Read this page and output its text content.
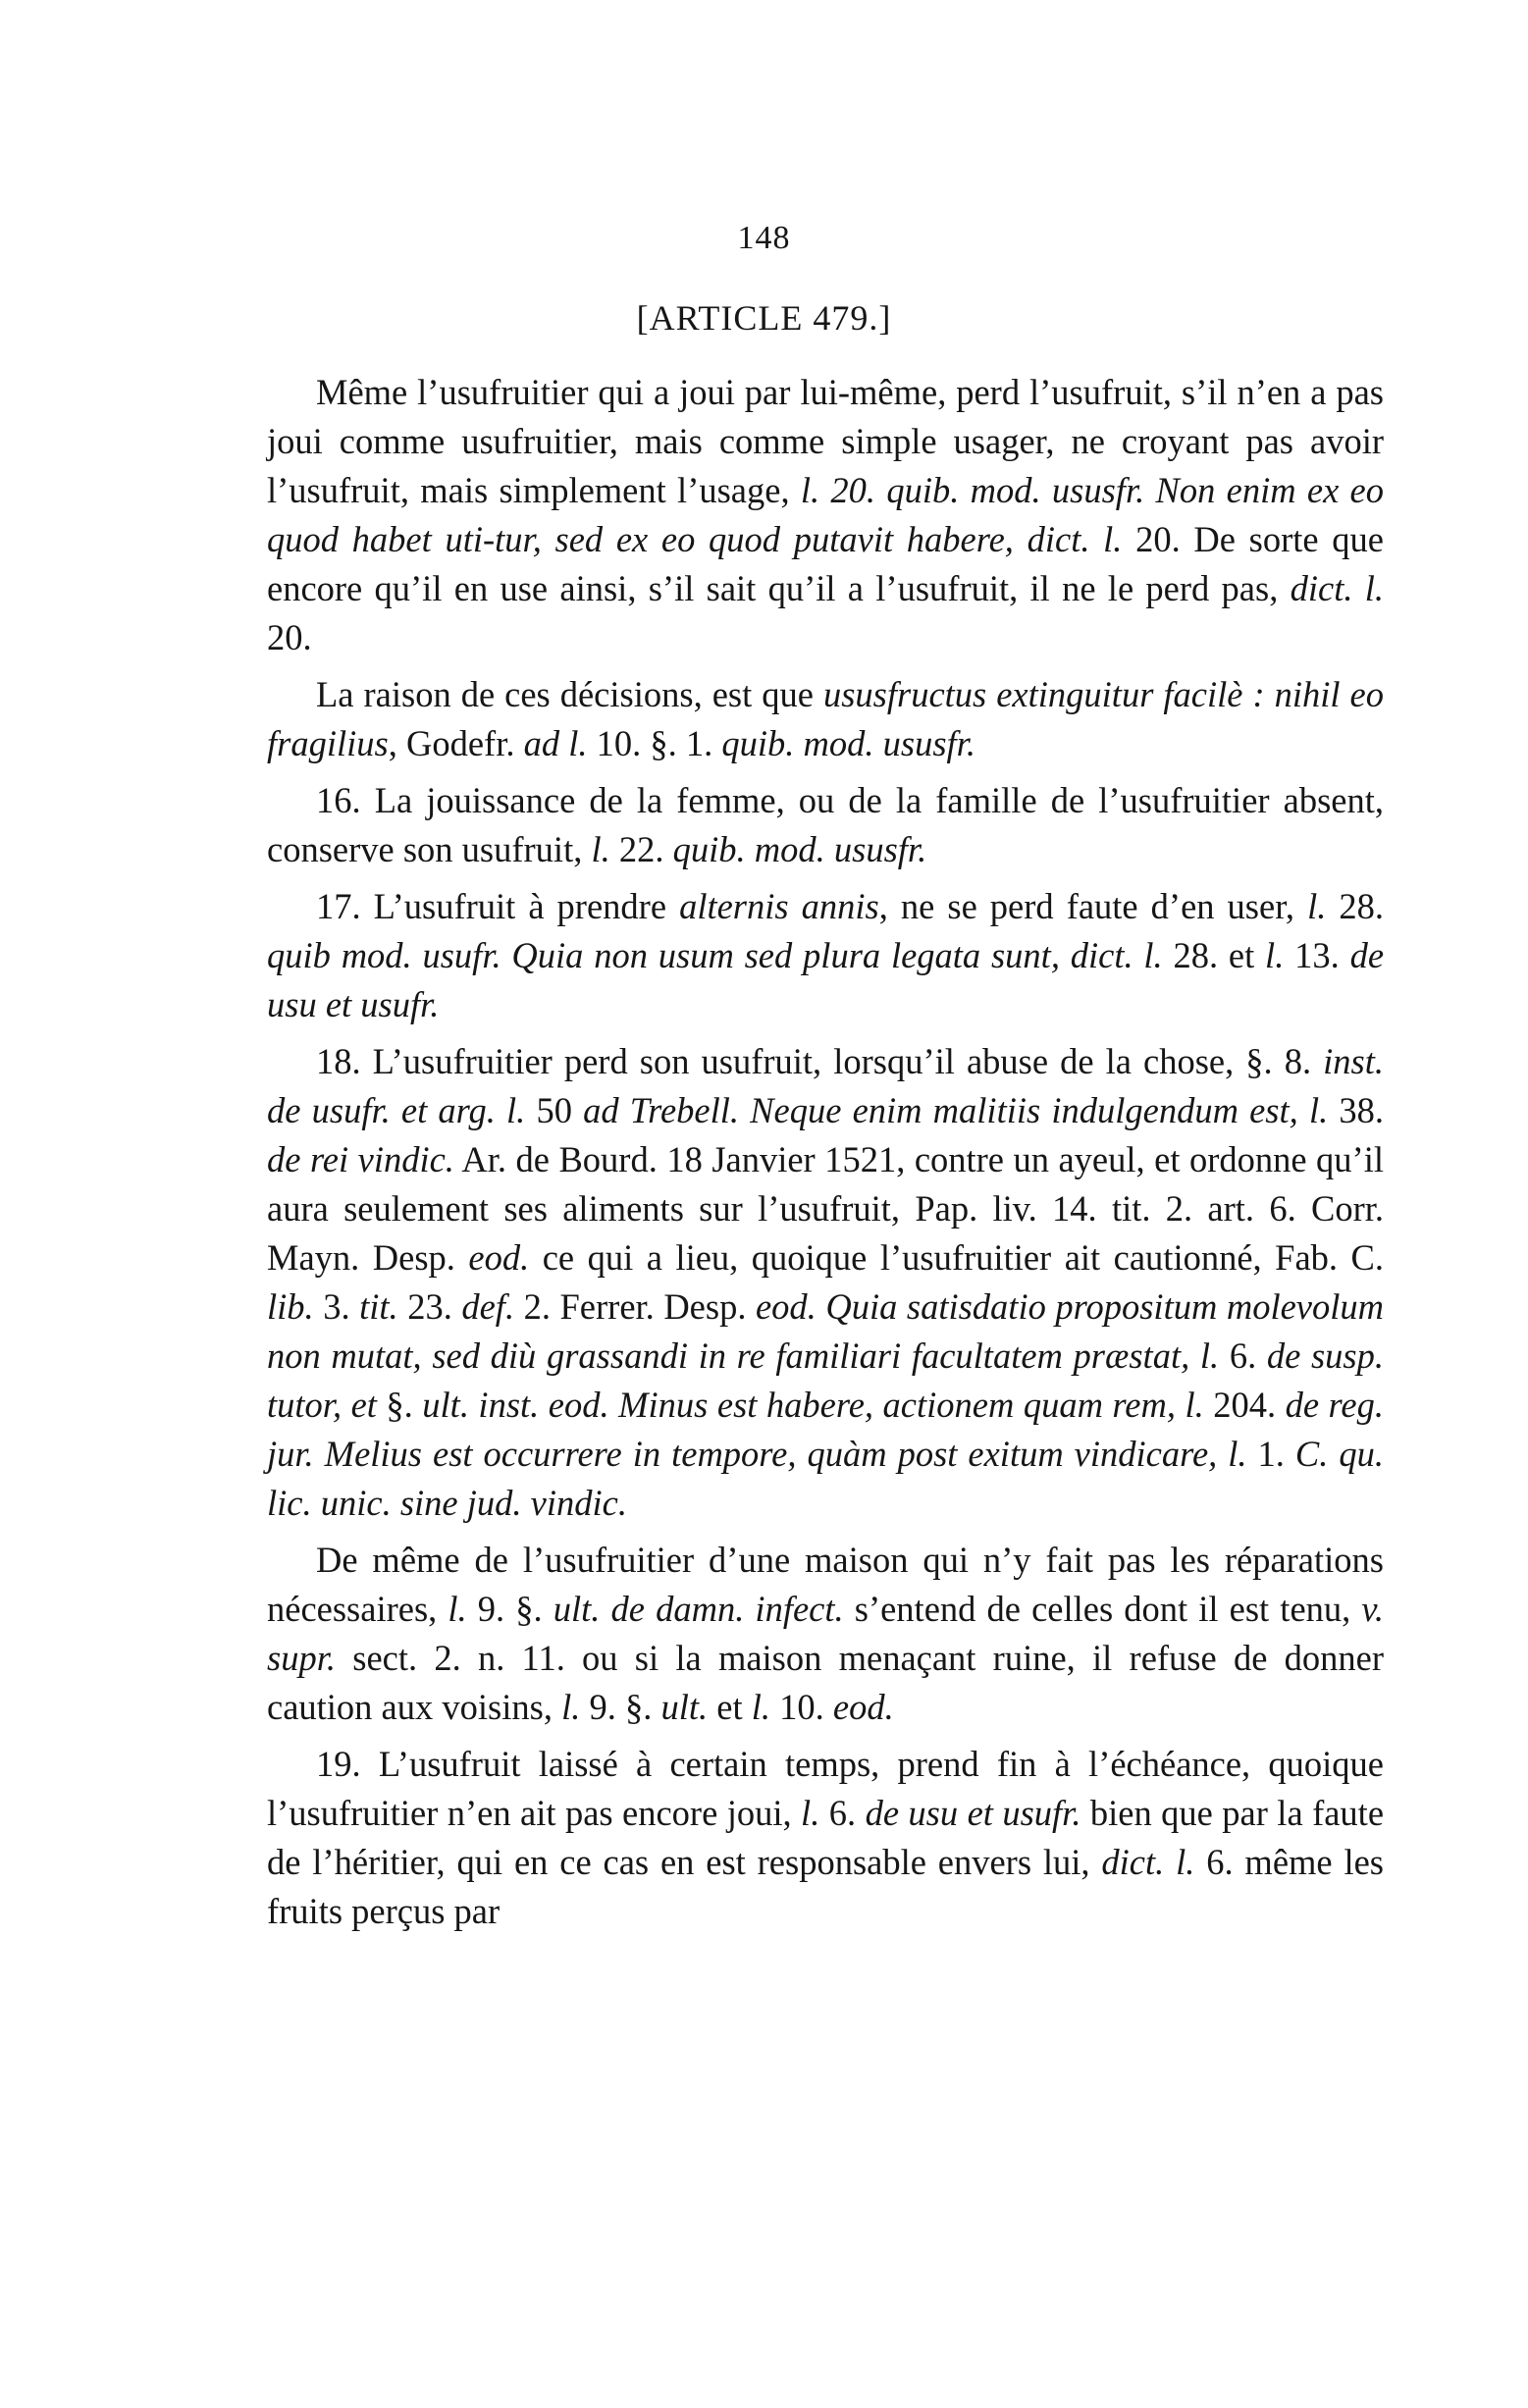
148
[ARTICLE 479.]

Même l’usufruitier qui a joui par lui-même, perd l’usufruit, s’il n’en a pas joui comme usufruitier, mais comme simple usager, ne croyant pas avoir l’usufruit, mais simplement l’usage, l. 20. quib. mod. ususfr. Non enim ex eo quod habet uti-tur, sed ex eo quod putavit habere, dict. l. 20. De sorte que encore qu’il en use ainsi, s’il sait qu’il a l’usufruit, il ne le perd pas, dict. l. 20.

La raison de ces décisions, est que ususfructus extinguitur facilè : nihil eo fragilius, Godefr. ad l. 10. §. 1. quib. mod. ususfr.

16. La jouissance de la femme, ou de la famille de l’usufruitier absent, conserve son usufruit, l. 22. quib. mod. ususfr.

17. L’usufruit à prendre alternis annis, ne se perd faute d’en user, l. 28. quib mod. usufr. Quia non usum sed plura legata sunt, dict. l. 28. et l. 13. de usu et usufr.

18. L’usufruitier perd son usufruit, lorsqu’il abuse de la chose, §. 8. inst. de usufr. et arg. l. 50 ad Trebell. Neque enim malitiis indulgendum est, l. 38. de rei vindic. Ar. de Bourd. 18 Janvier 1521, contre un ayeul, et ordonne qu’il aura seulement ses aliments sur l’usufruit, Pap. liv. 14. tit. 2. art. 6. Corr. Mayn. Desp. eod. ce qui a lieu, quoique l’usufruitier ait cautionné, Fab. C. lib. 3. tit. 23. def. 2. Ferrer. Desp. eod. Quia satisdatio propositum molevolum non mutat, sed diù grassandi in re familiari facultatem præstat, l. 6. de susp. tutor, et §. ult. inst. eod. Minus est habere, actionem quam rem, l. 204. de reg. jur. Melius est occurrere in tempore, quàm post exitum vindicare, l. 1. C. qu. lic. unic. sine jud. vindic.

De même de l’usufruitier d’une maison qui n’y fait pas les réparations nécessaires, l. 9. §. ult. de damn. infect. s’entend de celles dont il est tenu, v. supr. sect. 2. n. 11. ou si la maison menaçant ruine, il refuse de donner caution aux voisins, l. 9. §. ult. et l. 10. eod.

19. L’usufruit laissé à certain temps, prend fin à l’échéance, quoique l’usufruitier n’en ait pas encore joui, l. 6. de usu et usufr. bien que par la faute de l’héritier, qui en ce cas en est responsable envers lui, dict. l. 6. même les fruits perçus par
